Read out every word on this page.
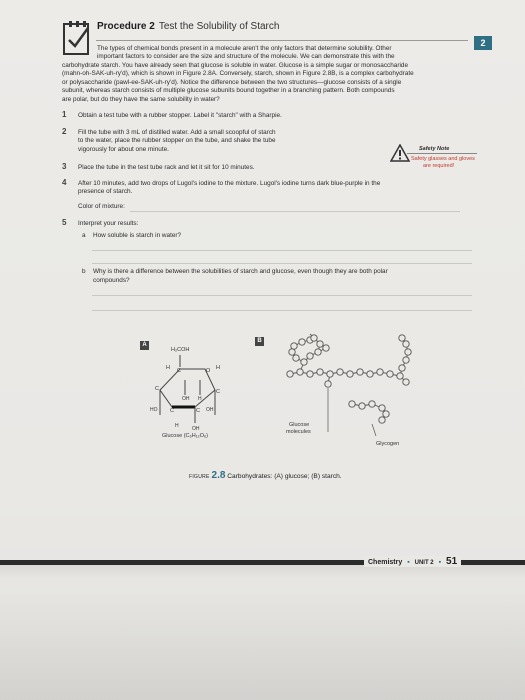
Procedure 2 Test the Solubility of Starch
2
The types of chemical bonds present in a molecule aren't the only factors that determine solubility. Other
important factors to consider are the size and structure of the molecule. We can demonstrate this with the
carbohydrate starch. You have already seen that glucose is soluble in water. Glucose is a simple sugar or monosaccharide
(mahn-oh-SAK-uh-ry'd), which is shown in Figure 2.8A. Conversely, starch, shown in Figure 2.8B, is a complex carbohydrate
or polysaccharide (pawl-ee-SAK-uh-ry'd). Notice the difference between the two structures—glucose consists of a single
subunit, whereas starch consists of multiple glucose subunits bound together in a branching pattern. Both compounds
are polar, but do they have the same solubility in water?
Safety Note
Safety glasses and gloves
are required!
1 Obtain a test tube with a rubber stopper. Label it "starch" with a Sharpie.
2 Fill the tube with 3 mL of distilled water. Add a small scoopful of starch
to the water, place the rubber stopper on the tube, and shake the tube
vigorously for about one minute.
3 Place the tube in the test tube rack and let it sit for 10 minutes.
4 After 10 minutes, add two drops of Lugol's iodine to the mixture. Lugol's iodine turns dark blue-purple in the
presence of starch.
Color of mixture:
5 Interpret your results:
a How soluble is starch in water?
b Why is there a difference between the solubilities of starch and glucose, even though they are both polar
compounds?
A
H₂COH
H C	O H
C	C
OH H
HO C	C OH
H	OH
Glucose (C₆H₁₂O₆)
B
Glucose
molecules
Glycogen
FIGURE 2.8 Carbohydrates: (A) glucose; (B) starch.
Chemistry ▪ UNIT 2 ▪ 51
